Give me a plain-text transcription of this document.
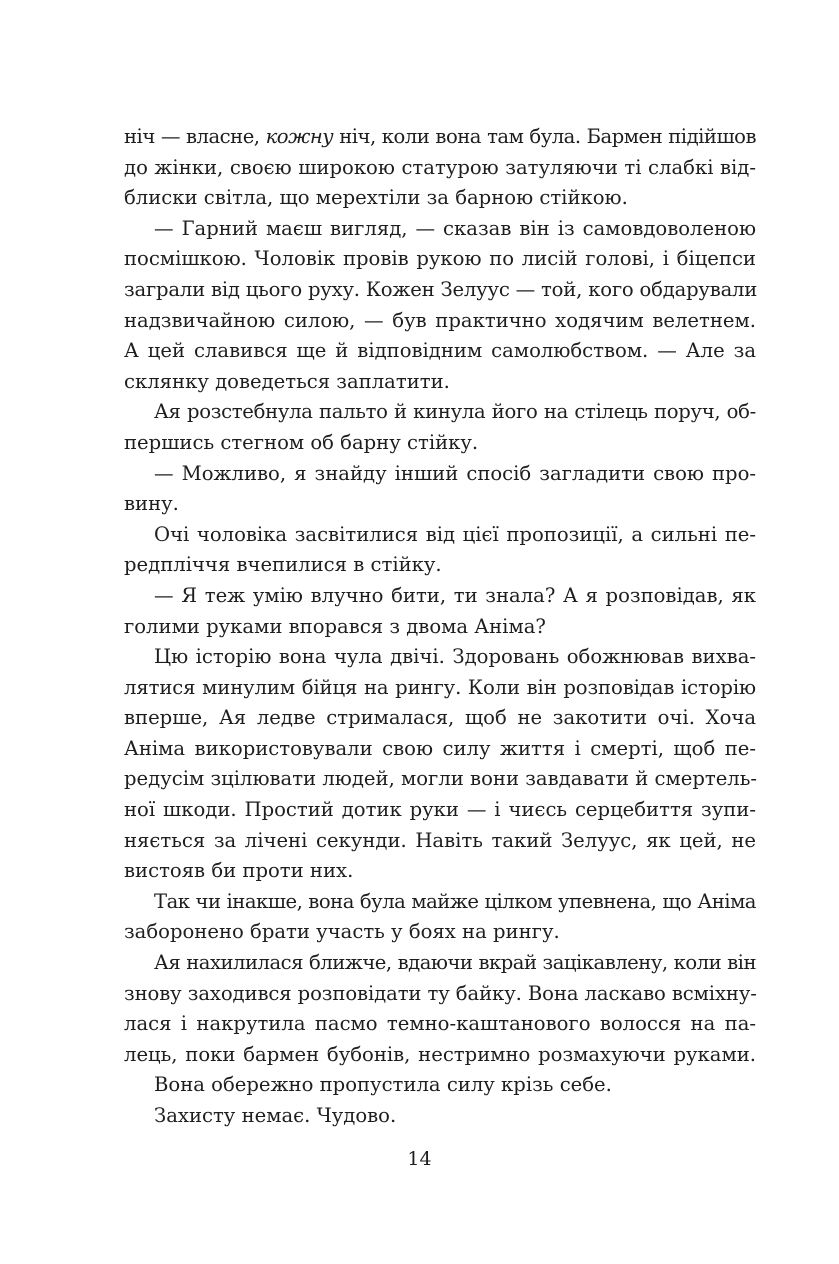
ніч — власне, кожну ніч, коли вона там була. Бармен підійшов
до жінки, своєю широкою статурою затуляючи ті слабкі від-
блиски світла, що мерехтіли за барною стійкою.
— Гарний маєш вигляд, — сказав він із самовдоволеною
посмішкою. Чоловік провів рукою по лисій голові, і біцепси
заграли від цього руху. Кожен Зелуус — той, кого обдарували
надзвичайною силою, — був практично ходячим велетнем.
А цей славився ще й відповідним самолюбством. — Але за
склянку доведеться заплатити.
Ая розстебнула пальто й кинула його на стілець поруч, об-
першись стегном об барну стійку.
— Можливо, я знайду інший спосіб загладити свою про-
вину.
Очі чоловіка засвітилися від цієї пропозиції, а сильні пе-
редпліччя вчепилися в стійку.
— Я теж умію влучно бити, ти знала? А я розповідав, як
голими руками впорався з двома Аніма?
Цю історію вона чула двічі. Здоровань обожнював вихва-
лятися минулим бійця на рингу. Коли він розповідав історію
вперше, Ая ледве стрималася, щоб не закотити очі. Хоча
Аніма використовували свою силу життя і смерті, щоб пе-
редусім зцілювати людей, могли вони завдавати й смертель-
ної шкоди. Простий дотик руки — і чиєсь серцебиття зупи-
няється за лічені секунди. Навіть такий Зелуус, як цей, не
вистояв би проти них.
Так чи інакше, вона була майже цілком упевнена, що Аніма
заборонено брати участь у боях на рингу.
Ая нахилилася ближче, вдаючи вкрай зацікавлену, коли він
знову заходився розповідати ту байку. Вона ласкаво всміхну-
лася і накрутила пасмо темно-каштанового волосся на па-
лець, поки бармен бубонів, нестримно розмахуючи руками.
Вона обережно пропустила силу крізь себе.
Захисту немає. Чудово.
14
